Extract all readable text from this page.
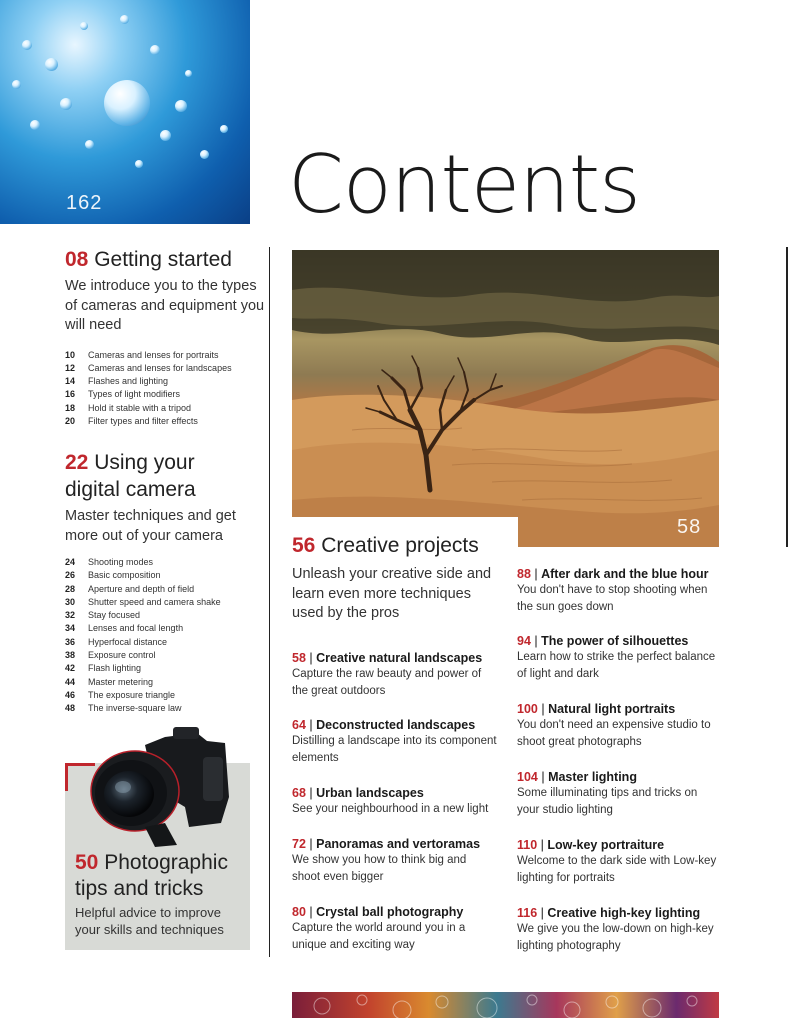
162 Contents
08 Getting started
We introduce you to the types of cameras and equipment you will need
10 Cameras and lenses for portraits
12 Cameras and lenses for landscapes
14 Flashes and lighting
16 Types of light modifiers
18 Hold it stable with a tripod
20 Filter types and filter effects
22 Using your
digital camera
Master techniques and get more out of your camera
24 Shooting modes
26 Basic composition
28 Aperture and depth of field
30 Shutter speed and camera shake
32 Stay focused
34 Lenses and focal length
36 Hyperfocal distance
38 Exposure control
42 Flash lighting
44 Master metering
46 The exposure triangle
48 The inverse-square law
50 Photographic
tips and tricks
Helpful advice to improve your skills and techniques
58
56 Creative projects
Unleash your creative side and learn even more techniques used by the pros
58 | Creative natural landscapes
Capture the raw beauty and power of the great outdoors
64 | Deconstructed landscapes
Distilling a landscape into its component elements
68 | Urban landscapes
See your neighbourhood in a new light
72 | Panoramas and vertoramas
We show you how to think big and shoot even bigger
80 | Crystal ball photography
Capture the world around you in a unique and exciting way
88 | After dark and the blue hour
You don't have to stop shooting when the sun goes down
94 | The power of silhouettes
Learn how to strike the perfect balance of light and dark
100 | Natural light portraits
You don't need an expensive studio to shoot great photographs
104 | Master lighting
Some illuminating tips and tricks on your studio lighting
110 | Low-key portraiture
Welcome to the dark side with Low-key lighting for portraits
116 | Creative high-key lighting
We give you the low-down on high-key lighting photography
